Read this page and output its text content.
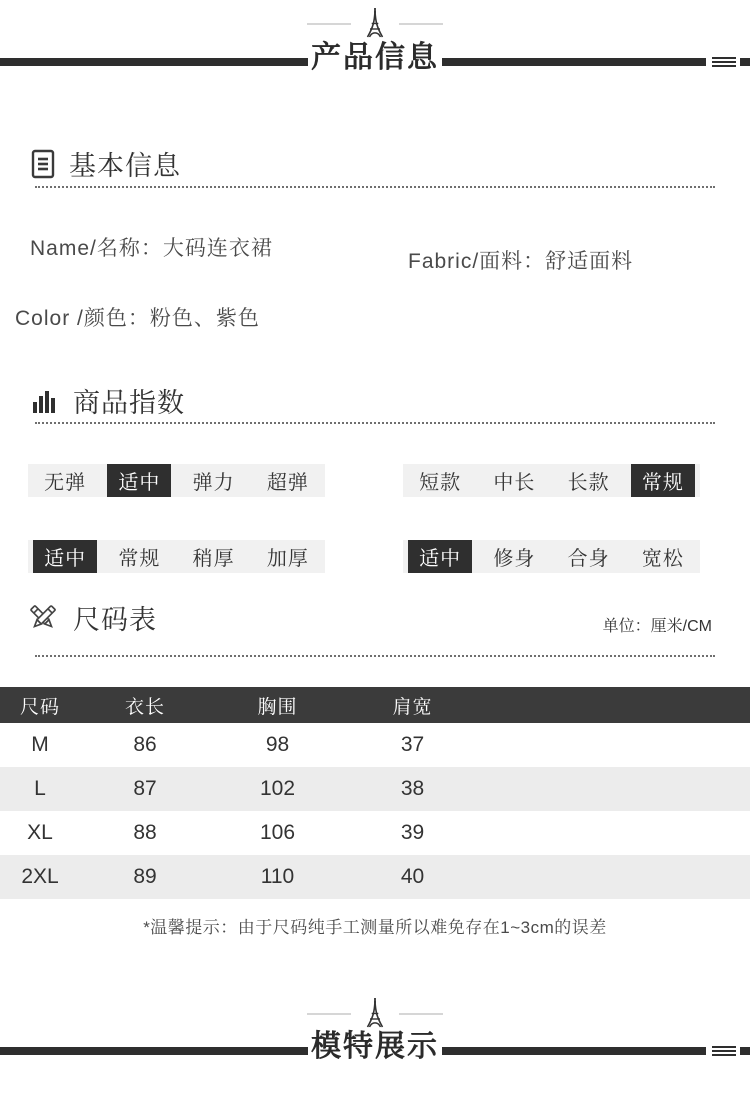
产品信息
基本信息
Name/名称：大码连衣裙
Fabric/面料：舒适面料
Color /颜色：粉色、紫色
商品指数
无弹	适中	弹力	超弹	短款	中长	长款	常规
适中	常规	稍厚	加厚	适中	修身	合身	宽松
尺码表	单位：厘米/CM
尺码	衣长	胸围	肩宽
M	86	98	37
L	87	102	38
XL	88	106	39
2XL	89	110	40
*温馨提示：由于尺码纯手工测量所以难免存在1~3cm的误差
模特展示
